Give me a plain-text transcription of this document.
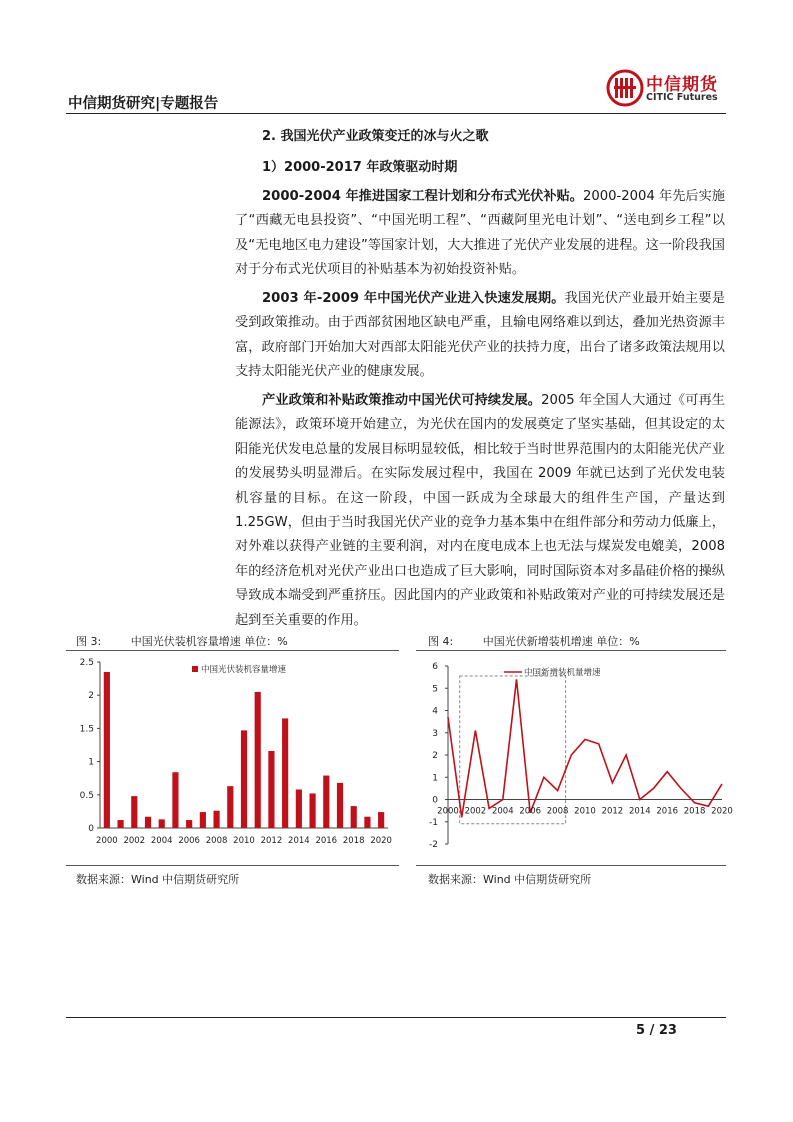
中信期货研究|专题报告
中信期货
CITIC Futures
2. 我国光伏产业政策变迁的冰与火之歌
1）2000-2017 年政策驱动时期

2000-2004 年推进国家工程计划和分布式光伏补贴。2000-2004 年先后实施了“西藏无电县投资”、“中国光明工程”、“西藏阿里光电计划”、“送电到乡工程”以及“无电地区电力建设”等国家计划，大大推进了光伏产业发展的进程。这一阶段我国对于分布式光伏项目的补贴基本为初始投资补贴。

2003 年-2009 年中国光伏产业进入快速发展期。我国光伏产业最开始主要是受到政策推动。由于西部贫困地区缺电严重，且输电网络难以到达，叠加光热资源丰富，政府部门开始加大对西部太阳能光伏产业的扶持力度，出台了诸多政策法规用以支持太阳能光伏产业的健康发展。

产业政策和补贴政策推动中国光伏可持续发展。2005 年全国人大通过《可再生能源法》，政策环境开始建立，为光伏在国内的发展奠定了坚实基础，但其设定的太阳能光伏发电总量的发展目标明显较低，相比较于当时世界范围内的太阳能光伏产业的发展势头明显滞后。在实际发展过程中，我国在 2009 年就已达到了光伏发电装机容量的目标。在这一阶段，中国一跃成为全球最大的组件生产国，产量达到 1.25GW，但由于当时我国光伏产业的竞争力基本集中在组件部分和劳动力低廉上，对外难以获得产业链的主要利润，对内在度电成本上也无法与煤炭发电媲美，2008 年的经济危机对光伏产业出口也造成了巨大影响，同时国际资本对多晶硅价格的操纵导致成本端受到严重挤压。因此国内的产业政策和补贴政策对产业的可持续发展还是起到至关重要的作用。

图 3:	中国光伏装机容量增速 单位：%
0
0.5
1
1.5
2
2.5
2000 2002 2004 2006 2008 2010 2012 2014 2016 2018 2020
中国光伏装机容量增速
数据来源：Wind 中信期货研究所
图 4:	中国光伏新增装机增速 单位：%
-2
-1
0
1
2
3
4
5
6
2000 2002 2004 2006 2008 2010 2012 2014 2016 2018 2020
中国新增装机量增速
数据来源：Wind 中信期货研究所
5 / 23
